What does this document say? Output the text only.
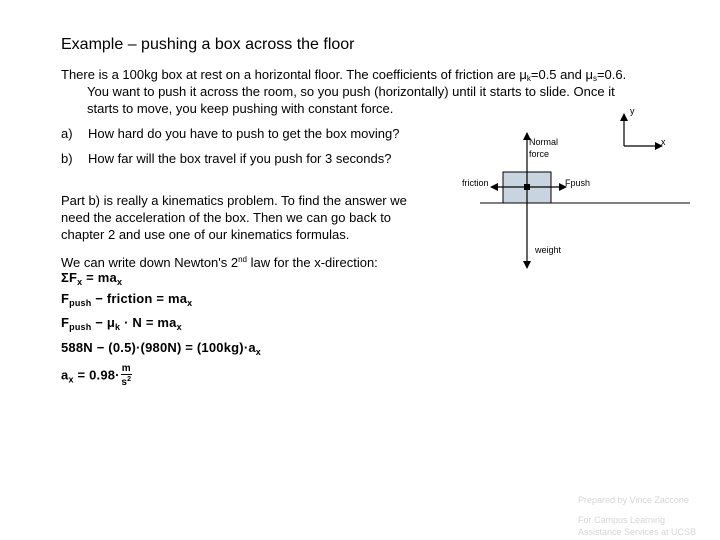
Example – pushing a box across the floor
There is a 100kg box at rest on a horizontal floor. The coefficients of friction are $\mu_k=0.5$ and $\mu_s=0.6$.
You want to push it across the room, so you push (horizontally) until it starts to slide. Once it
starts to move, you keep pushing with constant force.
a) How hard do you have to push to get the box moving?
b) How far will the box travel if you push for 3 seconds?
Part b) is really a kinematics problem. To find the answer we
need the acceleration of the box. Then we can go back to
chapter 2 and use one of our kinematics formulas.
We can write down Newton's 2nd law for the x-direction:
$\Sigma F_x = ma_x$
$F_{push}$ − friction = $ma_x$
$F_{push} - \mu_k \cdot N = ma_x$
$588N - (0.5)\cdot(980N) = (100kg)\cdot a_x$
$a_x = 0.98\cdot \frac{m}{s^2}$
y
x
Normal
force
friction	Fpush
weight
Prepared by Vince Zaccone
For Campus Learning
Assistance Services at UCSB
